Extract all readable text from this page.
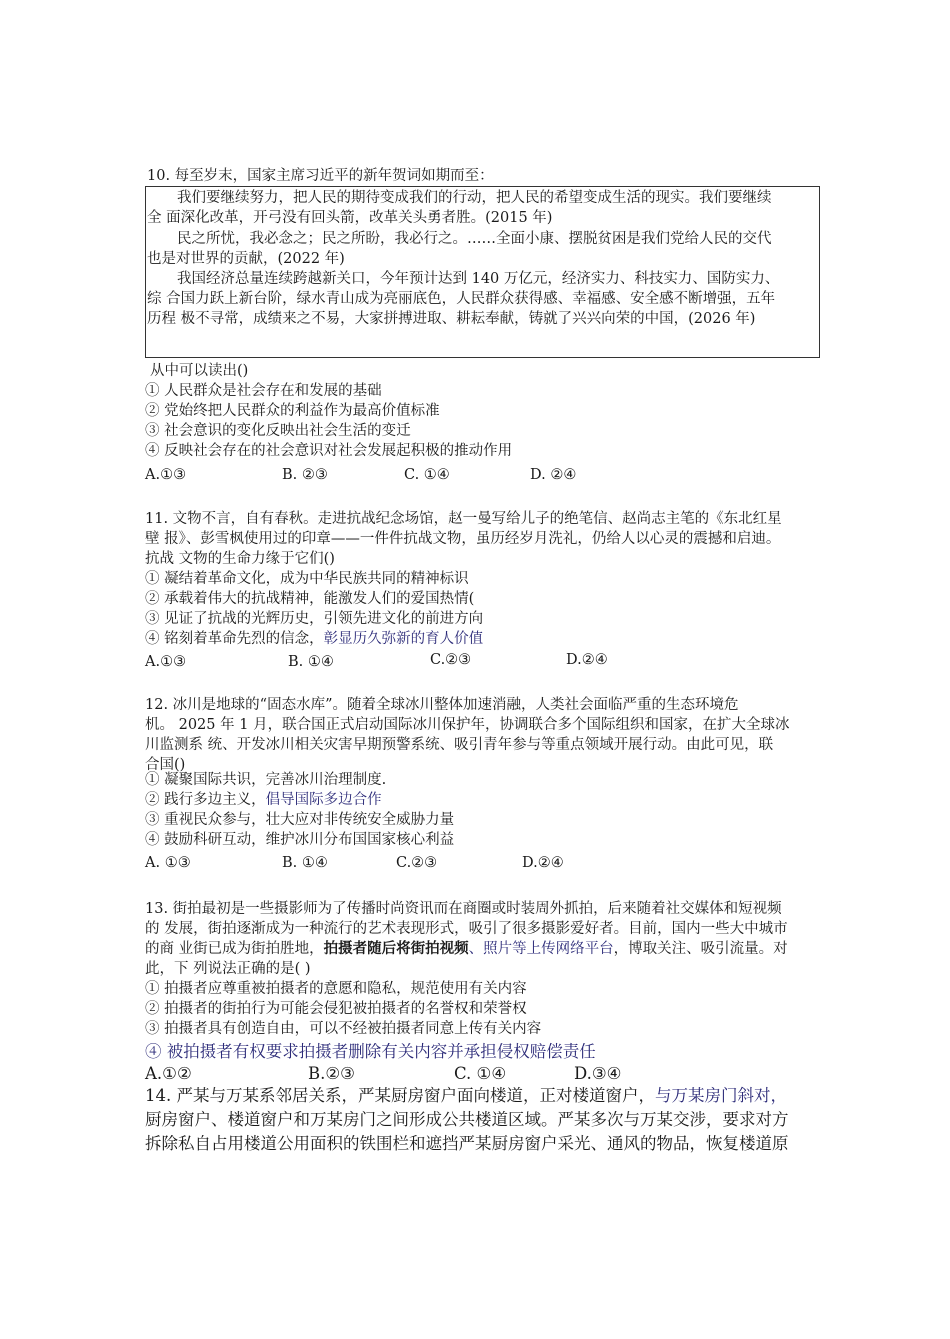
10. 每至岁末，国家主席习近平的新年贺词如期而至：
我们要继续努力，把人民的期待变成我们的行动，把人民的希望变成生活的现实。我们要继续
全 面深化改革，开弓没有回头箭，改革关头勇者胜。(2015 年)
民之所忧，我必念之；民之所盼，我必行之。……全面小康、摆脱贫困是我们党给人民的交代
也是对世界的贡献，(2022 年)
我国经济总量连续跨越新关口，今年预计达到 140 万亿元，经济实力、科技实力、国防实力、
综 合国力跃上新台阶，绿水青山成为亮丽底色，人民群众获得感、幸福感、安全感不断增强，五年
历程 极不寻常，成绩来之不易，大家拼搏进取、耕耘奉献，铸就了兴兴向荣的中国，(2026 年)
从中可以读出()
① 人民群众是社会存在和发展的基础
② 党始终把人民群众的利益作为最高价值标准
③ 社会意识的变化反映出社会生活的变迁
④ 反映社会存在的社会意识对社会发展起积极的推动作用
A.①③	B. ②③	C. ①④	D. ②④
11. 文物不言，自有春秋。走进抗战纪念场馆，赵一曼写给儿子的绝笔信、赵尚志主笔的《东北红星
壁 报》、彭雪枫使用过的印章——一件件抗战文物，虽历经岁月洗礼，仍给人以心灵的震撼和启迪。
抗战 文物的生命力缘于它们()
① 凝结着革命文化，成为中华民族共同的精神标识
② 承载着伟大的抗战精神，能激发人们的爱国热情(
③ 见证了抗战的光辉历史，引领先进文化的前进方向
④ 铭刻着革命先烈的信念，彰显历久弥新的育人价值
A.①③	B. ①④	C.②③	D.②④
12. 冰川是地球的“固态水库”。随着全球冰川整体加速消融，人类社会面临严重的生态环境危
机。 2025 年 1 月，联合国正式启动国际冰川保护年，协调联合多个国际组织和国家，在扩大全球冰
川监测系 统、开发冰川相关灾害早期预警系统、吸引青年参与等重点领域开展行动。由此可见，联
合国()
① 凝聚国际共识，完善冰川治理制度.
② 践行多边主义，倡导国际多边合作
③ 重视民众参与，壮大应对非传统安全威胁力量
④ 鼓励科研互动，维护冰川分布国国家核心利益
A. ①③	B. ①④	C.②③	D.②④
13. 街拍最初是一些摄影师为了传播时尚资讯而在商圈或时装周外抓拍，后来随着社交媒体和短视频
的 发展，街拍逐渐成为一种流行的艺术表现形式，吸引了很多摄影爱好者。目前，国内一些大中城市
的商 业街已成为街拍胜地，拍摄者随后将街拍视频、照片等上传网络平台，博取关注、吸引流量。对
此，下 列说法正确的是( )
① 拍摄者应尊重被拍摄者的意愿和隐私，规范使用有关内容
② 拍摄者的街拍行为可能会侵犯被拍摄者的名誉权和荣誉权
③ 拍摄者具有创造自由，可以不经被拍摄者同意上传有关内容
④ 被拍摄者有权要求拍摄者删除有关内容并承担侵权赔偿责任
A.①②	B.②③	C. ①④	D.③④
14. 严某与万某系邻居关系，严某厨房窗户面向楼道，正对楼道窗户，与万某房门斜对，
厨房窗户、楼道窗户和万某房门之间形成公共楼道区域。严某多次与万某交涉，要求对方
拆除私自占用楼道公用面积的铁围栏和遮挡严某厨房窗户采光、通风的物品，恢复楼道原
